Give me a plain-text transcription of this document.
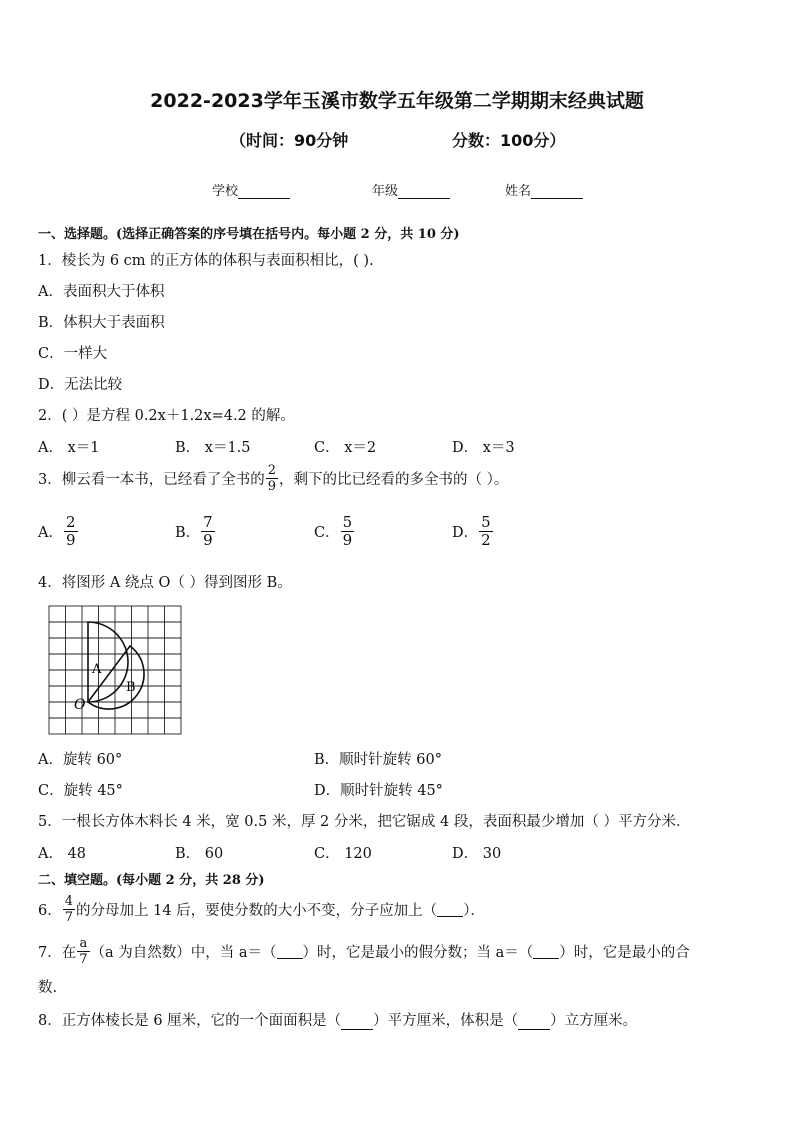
2022-2023学年玉溪市数学五年级第二学期期末经典试题
（时间：90分钟	分数：100分）
学校	年级	姓名
一、选择题。(选择正确答案的序号填在括号内。每小题 2 分，共 10 分)
1．棱长为 6 cm 的正方体的体积与表面积相比，( ).
A．表面积大于体积
B．体积大于表面积
C．一样大
D．无法比较
2．( ）是方程 0.2x＋1.2x=4.2 的解。
A． x＝1	B． x＝1.5	C． x＝2	D． x＝3
3．柳云看一本书，已经看了全书的 $\frac{2}{9}$ ，剩下的比已经看的多全书的（ ）。
A． $\frac{2}{9}$	B． $\frac{7}{9}$	C． $\frac{5}{9}$	D． $\frac{5}{2}$
4．将图形 A 绕点 O（ ）得到图形 B。
A
B
O
A．旋转 60°	B．顺时针旋转 60°
C．旋转 45°	D．顺时针旋转 45°
5．一根长方体木料长 4 米，宽 0.5 米，厚 2 分米，把它锯成 4 段，表面积最少增加（ ）平方分米．
A． 48	B． 60	C． 120	D． 30
二、填空题。(每小题 2 分，共 28 分)
6． $\frac{4}{7}$ 的分母加上 14 后，要使分数的大小不变，分子应加上（ ）．
7．在 $\frac{a}{7} (a$ 为自然数）中，当 a＝（ ）时，它是最小的假分数；当 a＝（ ）时，它是最小的合
数.
8．正方体棱长是 6 厘米，它的一个面面积是（ ）平方厘米，体积是（ ）立方厘米。
